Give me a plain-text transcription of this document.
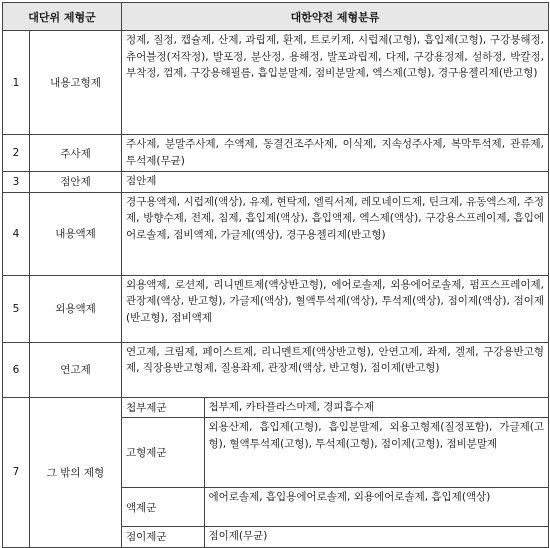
대단위 제형군	대한약전 제형분류
1	내용고형제	정제, 질정, 캡슐제, 산제, 과립제, 환제, 트로키제, 시럽제(고형), 흡입제(고형), 구강붕해정, 츄어블정(저작정), 발포정, 분산정, 용해정, 발포과립제, 다제, 구강용정제, 설하정, 박칼정, 부착정, 껌제, 구강용해필름, 흡입분말제, 점비분말제, 엑스제(고형), 경구용젤리제(반고형)
2	주사제	주사제, 분말주사제, 수액제, 동결건조주사제, 이식제, 지속성주사제, 복막투석제, 관류제, 투석제(무균)
3	점안제	점안제
4	내용액제	경구용액제, 시럽제(액상), 유제, 현탁제, 엘릭서제, 레모네이드제, 틴크제, 유동엑스제, 주정제, 방향수제, 전제, 침제, 흡입제(액상), 흡입액제, 엑스제(액상), 구강용스프레이제, 흡입에어로솔제, 점비액제, 가글제(액상), 경구용젤리제(반고형)
5	외용액제	외용액제, 로션제, 리니멘트제(액상반고형), 에어로솔제, 외용에어로솔제, 펌프스프레이제, 관장제(액상, 반고형), 가글제(액상), 혈액투석제(액상), 투석제(액상), 점이제(액상), 점이제(반고형), 점비액제
6	연고제	연고제, 크림제, 페이스트제, 리니멘트제(액상반고형), 안연고제, 좌제, 겔제, 구강용반고형제, 직장용반고형제, 질용좌제, 관장제(액상, 반고형), 점이제(반고형)
7	그 밖의 제형	
첩부제군	첩부제, 카타플라스마제, 경피흡수제
고형제군	외용산제, 흡입제(고형), 흡입분말제, 외용고형제(질정포함), 가글제(고형), 혈액투석제(고형), 투석제(고형), 점이제(고형), 점비분말제
액제군	에어로솔제, 흡입용에어로솔제, 외용에어로솔제, 흡입제(액상)
점이제군	점이제(무균)
